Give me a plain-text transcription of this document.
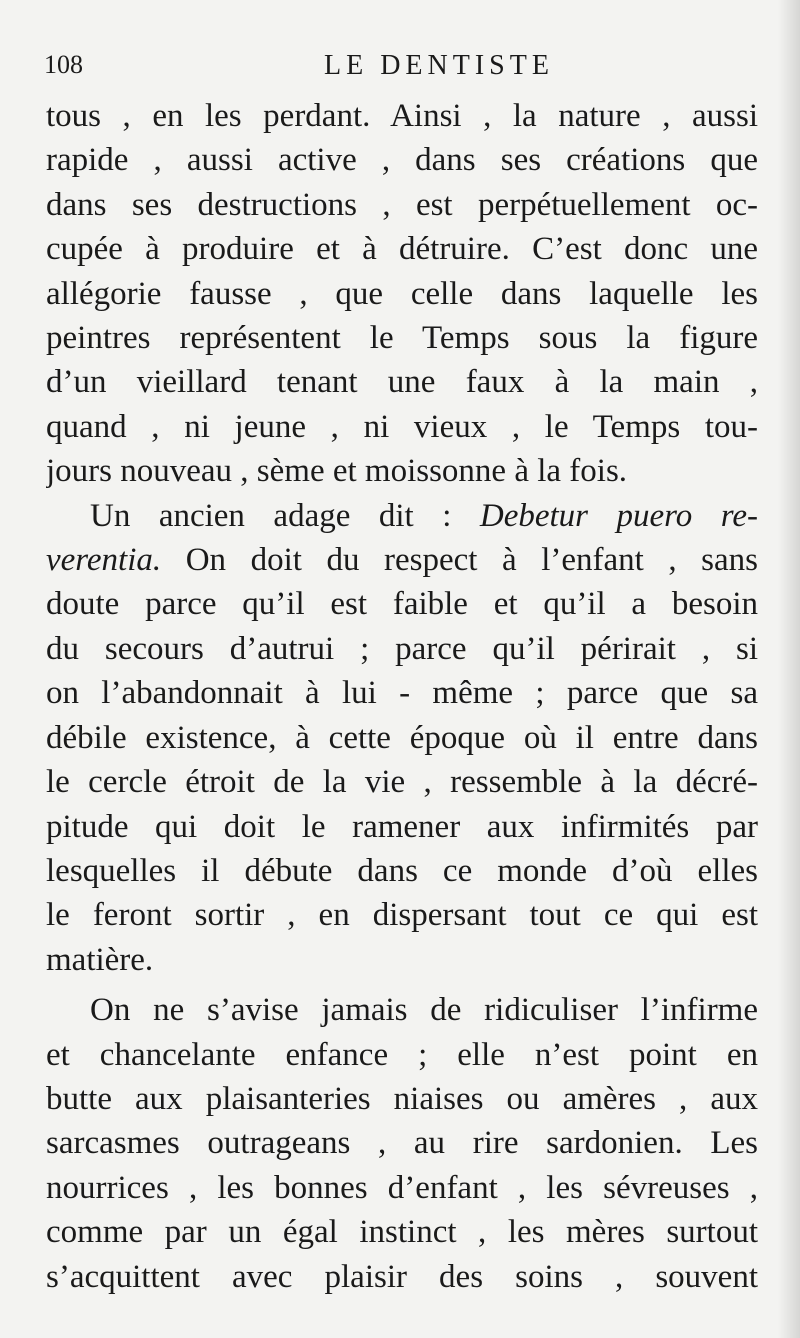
108	LE DENTISTE
tous , en les perdant. Ainsi , la nature , aussi
rapide , aussi active , dans ses créations que
dans ses destructions , est perpétuellement oc-
cupée à produire et à détruire. C’est donc une
allégorie fausse , que celle dans laquelle les
peintres représentent le Temps sous la figure
d’un vieillard tenant une faux à la main ,
quand , ni jeune , ni vieux , le Temps tou-
jours nouveau , sème et moissonne à la fois.
Un ancien adage dit : Debetur puero re-
verentia. On doit du respect à l’enfant , sans
doute parce qu’il est faible et qu’il a besoin
du secours d’autrui ; parce qu’il périrait , si
on l’abandonnait à lui - même ; parce que sa
débile existence, à cette époque où il entre dans
le cercle étroit de la vie , ressemble à la décré-
pitude qui doit le ramener aux infirmités par
lesquelles il débute dans ce monde d’où elles
le feront sortir , en dispersant tout ce qui est
matière.
On ne s’avise jamais de ridiculiser l’infirme
et chancelante enfance ; elle n’est point en
butte aux plaisanteries niaises ou amères , aux
sarcasmes outrageans , au rire sardonien. Les
nourrices , les bonnes d’enfant , les sévreuses ,
comme par un égal instinct , les mères surtout
s’acquittent avec plaisir des soins , souvent
